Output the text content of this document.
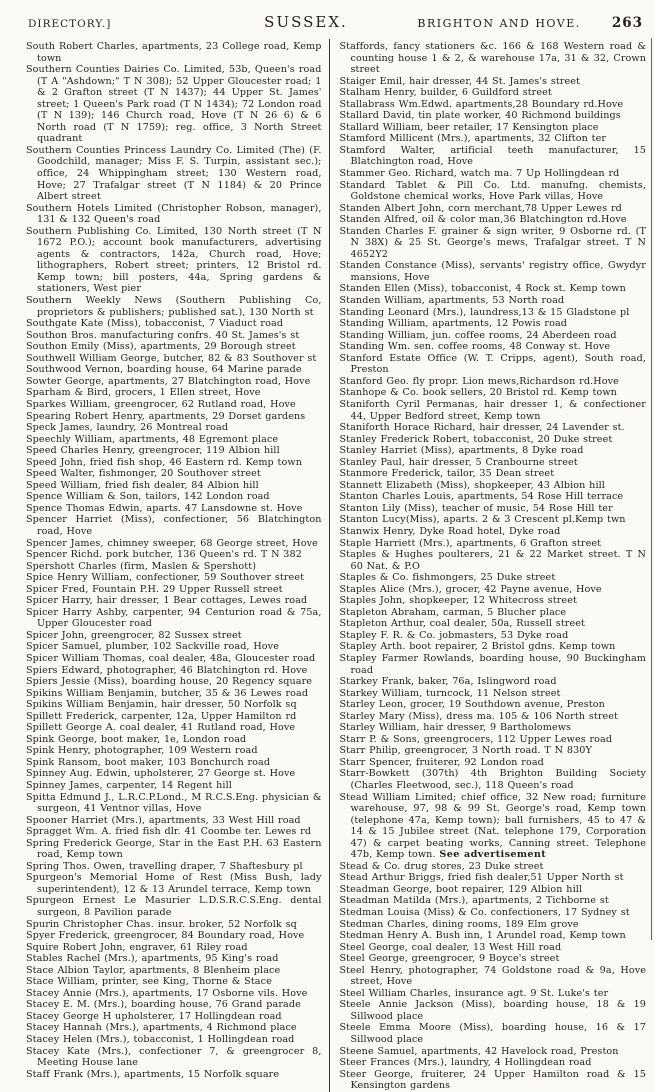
DIRECTORY.]	SUSSEX.	BRIGHTON AND HOVE. 263

South Robert Charles, apartments, 23 College road, Kemp town

Southern Counties Dairies Co. Limited, 53b, Queen's road (T A "Ashdown;" T N 308); 52 Upper Gloucester road; 1 & 2 Grafton street (T N 1437); 44 Upper St. James' street; 1 Queen's Park road (T N 1434); 72 London road (T N 139); 146 Church road, Hove (T N 26 6) & 6 North road (T N 1759); reg. office, 3 North Street quadrant

Southern Counties Princess Laundry Co. Limited (The) (F. Goodchild, manager; Miss F. S. Turpin, assistant sec.); office, 24 Whippingham street; 130 Western road, Hove; 27 Trafalgar street (T N 1184) & 20 Prince Albert street

Southern Hotels Limited (Christopher Robson, manager), 131 & 132 Queen's road

Southern Publishing Co. Limited, 130 North street (T N 1672 P.O.); account book manufacturers, advertising agents & contractors, 142a, Church road, Hove; lithographers, Robert street; printers, 12 Bristol rd. Kemp town; bill posters, 44a, Spring gardens & stationers, West pier

Southern Weekly News (Southern Publishing Co, proprietors & publishers; published sat.), 130 North st

Southgate Kate (Miss), tobacconist, 7 Viaduct road

Southon Bros. manufacturing confrs. 40 St. James's st

Southon Emily (Miss), apartments, 29 Borough street

Southwell William George, butcher, 82 & 83 Southover st

Southwood Vernon, boarding house, 64 Marine parade

Sowter George, apartments, 27 Blatchington road, Hove

Sparham & Bird, grocers, 1 Ellen street, Hove

Sparkes William, greengrocer, 62 Rutland road, Hove

Spearing Robert Henry, apartments, 29 Dorset gardens

Speck James, laundry, 26 Montreal road

Speechly William, apartments, 48 Egremont place

Speed Charles Henry, greengrocer, 119 Albion hill

Speed John, fried fish shop, 46 Eastern rd. Kemp town

Speed Walter, fishmonger, 20 Southover street

Speed William, fried fish dealer, 84 Albion hill

Spence William & Son, tailors, 142 London road

Spence Thomas Edwin, aparts. 47 Lansdowne st. Hove

Spencer Harriet (Miss), confectioner, 56 Blatchington road, Hove

Spencer James, chimney sweeper, 68 George street, Hove

Spencer Richd. pork butcher, 136 Queen's rd. T N 382

Spershott Charles (firm, Maslen & Spershott)

Spice Henry William, confectioner, 59 Southover street

Spicer Fred, Fountain P.H. 29 Upper Russell street

Spicer Harry, hair dresser, 1 Bear cottages, Lewes road

Spicer Harry Ashby, carpenter, 94 Centurion road & 75a, Upper Gloucester road

Spicer John, greengrocer, 82 Sussex street

Spicer Samuel, plumber, 102 Sackville road, Hove

Spicer William Thomas, coal dealer, 48a, Gloucester road

Spiers Edward, photographer, 46 Blatchington rd. Hove

Spiers Jessie (Miss), boarding house, 20 Regency square

Spikins William Benjamin, butcher, 35 & 36 Lewes road

Spikins William Benjamin, hair dresser, 50 Norfolk sq

Spillett Frederick, carpenter, 12a, Upper Hamilton rd

Spillett George A. coal dealer, 41 Rutland road, Hove

Spink George, boot maker, 1e, London road

Spink Henry, photographer, 109 Western road

Spink Ransom, boot maker, 103 Bonchurch road

Spinney Aug. Edwin, upholsterer, 27 George st. Hove

Spinney James, carpenter, 14 Regent hill

Spitta Edmund J., L.R.C.P.Lond., M R.C.S.Eng. physician & surgeon, 41 Ventnor villas, Hove

Spooner Harriet (Mrs.), apartments, 33 West Hill road

Spragget Wm. A. fried fish dlr. 41 Coombe ter. Lewes rd

Spring Frederick George, Star in the East P.H. 63 Eastern road, Kemp town

Spring Thos. Owen, travelling draper, 7 Shaftesbury pl

Spurgeon's Memorial Home of Rest (Miss Bush, lady superintendent), 12 & 13 Arundel terrace, Kemp town

Spurgeon Ernest Le Masurier L.D.S.R.C.S.Eng. dental surgeon, 8 Pavilion parade

Spurin Christopher Chas. insur. broker, 52 Norfolk sq

Spyer Frederick, greengrocer, 84 Boundary road, Hove

Squire Robert John, engraver, 61 Riley road

Stables Rachel (Mrs.), apartments, 95 King's road

Stace Albion Taylor, apartments, 8 Blenheim place

Stace William, printer, see King, Thorne & Stace

Stacey Annie (Mrs.), apartments, 17 Osborne vils. Hove

Stacey E. M. (Mrs.), boarding house, 76 Grand parade

Stacey George H upholsterer, 17 Hollingdean road

Stacey Hannah (Mrs.), apartments, 4 Richmond place

Stacey Helen (Mrs.), tobacconist, 1 Hollingdean road

Stacey Kate (Mrs.), confectioner 7, & greengrocer 8, Meeting House lane

Staff Frank (Mrs.), apartments, 15 Norfolk square

Staffords, fancy stationers &c. 166 & 168 Western road & counting house 1 & 2, & warehouse 17a, 31 & 32, Crown street

Staiger Emil, hair dresser, 44 St. James's street

Stalham Henry, builder, 6 Guildford street

Stallabrass Wm.Edwd. apartments,28 Boundary rd.Hove

Stallard David, tin plate worker, 40 Richmond buildings

Stallard William, beer retailer, 17 Kensington place

Stamford Millicent (Mrs.), apartments, 32 Clifton ter

Stamford Walter, artificial teeth manufacturer, 15 Blatchington road, Hove

Stammer Geo. Richard, watch ma. 7 Up Hollingdean rd

Standard Tablet & Pill Co. Ltd. manufng. chemists, Goldstone chemical works, Hove Park villas, Hove

Standen Albert John, corn merchant,78 Upper Lewes rd

Standen Alfred, oil & color man,36 Blatchington rd.Hove

Standen Charles F. grainer & sign writer, 9 Osborne rd. (T N 38X) & 25 St. George's mews, Trafalgar street. T N 4652Y2

Standen Constance (Miss), servants' registry office, Gwydyr mansions, Hove

Standen Ellen (Miss), tobacconist, 4 Rock st. Kemp town

Standen William, apartments, 53 North road

Standing Leonard (Mrs.), laundress,13 & 15 Gladstone pl

Standing William, apartments, 12 Powis road

Standing William, jun. coffee rooms, 24 Aberdeen road

Standing Wm. sen. coffee rooms, 48 Conway st. Hove

Stanford Estate Office (W. T. Cripps, agent), South road, Preston

Stanford Geo. fly propr. Lion mews,Richardson rd.Hove

Stanhope & Co. book sellers, 20 Bristol rd. Kemp town

Staniforth Cyril Permanas, hair dresser 1, & confectioner 44, Upper Bedford street, Kemp town

Staniforth Horace Richard, hair dresser, 24 Lavender st.

Stanley Frederick Robert, tobacconist, 20 Duke street

Stanley Harriet (Miss), apartments, 8 Dyke road

Stanley Paul, hair dresser, 5 Cranbourne street

Stanmore Frederick, tailor, 35 Dean street

Stannett Elizabeth (Miss), shopkeeper, 43 Albion hill

Stanton Charles Louis, apartments, 54 Rose Hill terrace

Stanton Lily (Miss), teacher of music, 54 Rose Hill ter

Stanton Lucy(Miss), aparts. 2 & 3 Crescent pl.Kemp twn

Stanwix Henry, Dyke Road hotel, Dyke road

Staple Harriett (Mrs.), apartments, 6 Grafton street

Staples & Hughes poulterers, 21 & 22 Market street. T N 60 Nat. & P.O

Staples & Co. fishmongers, 25 Duke street

Staples Alice (Mrs.), grocer, 42 Payne avenue, Hove

Staples John, shopkeeper, 12 Whitecross street

Stapleton Abraham, carman, 5 Blucher place

Stapleton Arthur, coal dealer, 50a, Russell street

Stapley F. R. & Co. jobmasters, 53 Dyke road

Stapley Arth. boot repairer, 2 Bristol gdns. Kemp town

Stapley Farmer Rowlands, boarding house, 90 Buckingham road

Starkey Frank, baker, 76a, Islingword road

Starkey William, turncock, 11 Nelson street

Starley Leon, grocer, 19 Southdown avenue, Preston

Starley Mary (Miss), dress ma. 105 & 106 North street

Starley William, hair dresser, 9 Bartholomews

Starr P. & Sons, greengrocers, 112 Upper Lewes road

Starr Philip, greengrocer, 3 North road. T N 830Y

Starr Spencer, fruiterer, 92 London road

Starr-Bowkett (307th) 4th Brighton Building Society (Charles Fleetwood, sec.), 118 Queen's road

Stead William Limited; chief office, 32 New road; furniture warehouse, 97, 98 & 99 St. George's road, Kemp town (telephone 47a, Kemp town); ball furnishers, 45 to 47 & 14 & 15 Jubilee street (Nat. telephone 179, Corporation 47) & carpet beating works, Canning street. Telephone 47b, Kemp town. See advertisement

Stead & Co. drug stores, 23 Duke street

Stead Arthur Briggs, fried fish dealer,51 Upper North st

Steadman George, boot repairer, 129 Albion hill

Steadman Matilda (Mrs.), apartments, 2 Tichborne st

Stedman Louisa (Miss) & Co. confectioners, 17 Sydney st

Stedman Charles, dining rooms, 189 Elm grove

Stedman Henry A. Bush inn, 1 Arundel road, Kemp town

Steel George, coal dealer, 13 West Hill road

Steel George, greengrocer, 9 Boyce's street

Steel Henry, photographer, 74 Goldstone road & 9a, Hove street, Hove

Steel William Charles, insurance agt. 9 St. Luke's ter

Steele Annie Jackson (Miss), boarding house, 18 & 19 Sillwood place

Steele Emma Moore (Miss), boarding house, 16 & 17 Sillwood place

Steene Samuel, apartments, 42 Havelock road, Preston

Steer Frances (Mrs.), laundry, 4 Hollingdean road

Steer George, fruiterer, 24 Upper Hamilton road & 15 Kensington gardens
